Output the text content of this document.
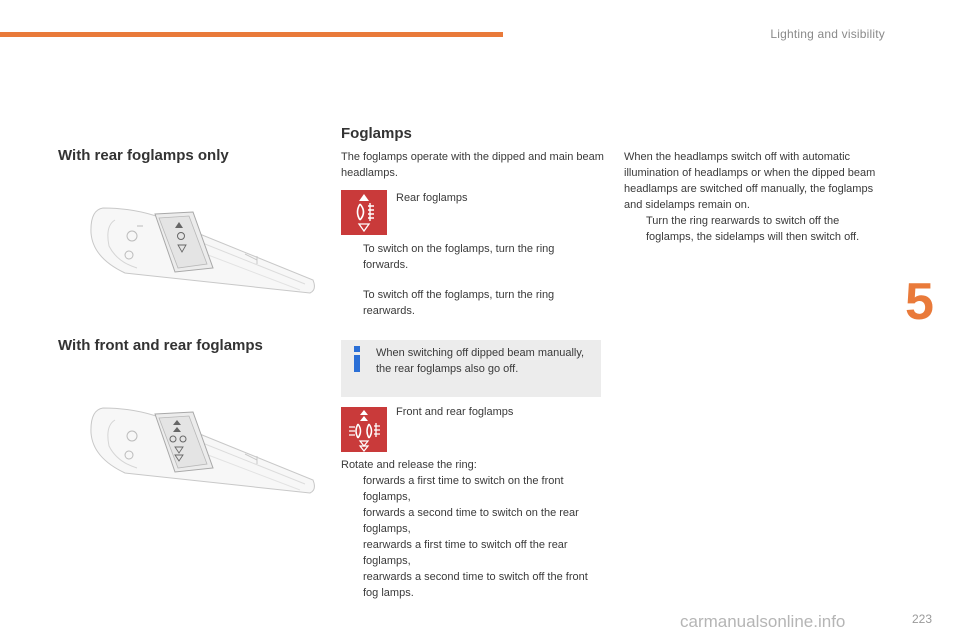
Lighting and visibility
5
With rear foglamps only
With front and rear foglamps
Foglamps
The foglamps operate with the dipped and main beam headlamps.
Rear foglamps
To switch on the foglamps, turn the ring forwards.
To switch off the foglamps, turn the ring rearwards.
When switching off dipped beam manually, the rear foglamps also go off.
Front and rear foglamps
Rotate and release the ring:
forwards a first time to switch on the front foglamps,
forwards a second time to switch on the rear foglamps,
rearwards a first time to switch off the rear foglamps,
rearwards a second time to switch off the front fog lamps.
When the headlamps switch off with automatic illumination of headlamps or when the dipped beam headlamps are switched off manually, the foglamps and sidelamps remain on.
Turn the ring rearwards to switch off the foglamps, the sidelamps will then switch off.
carmanualsonline.info	223
